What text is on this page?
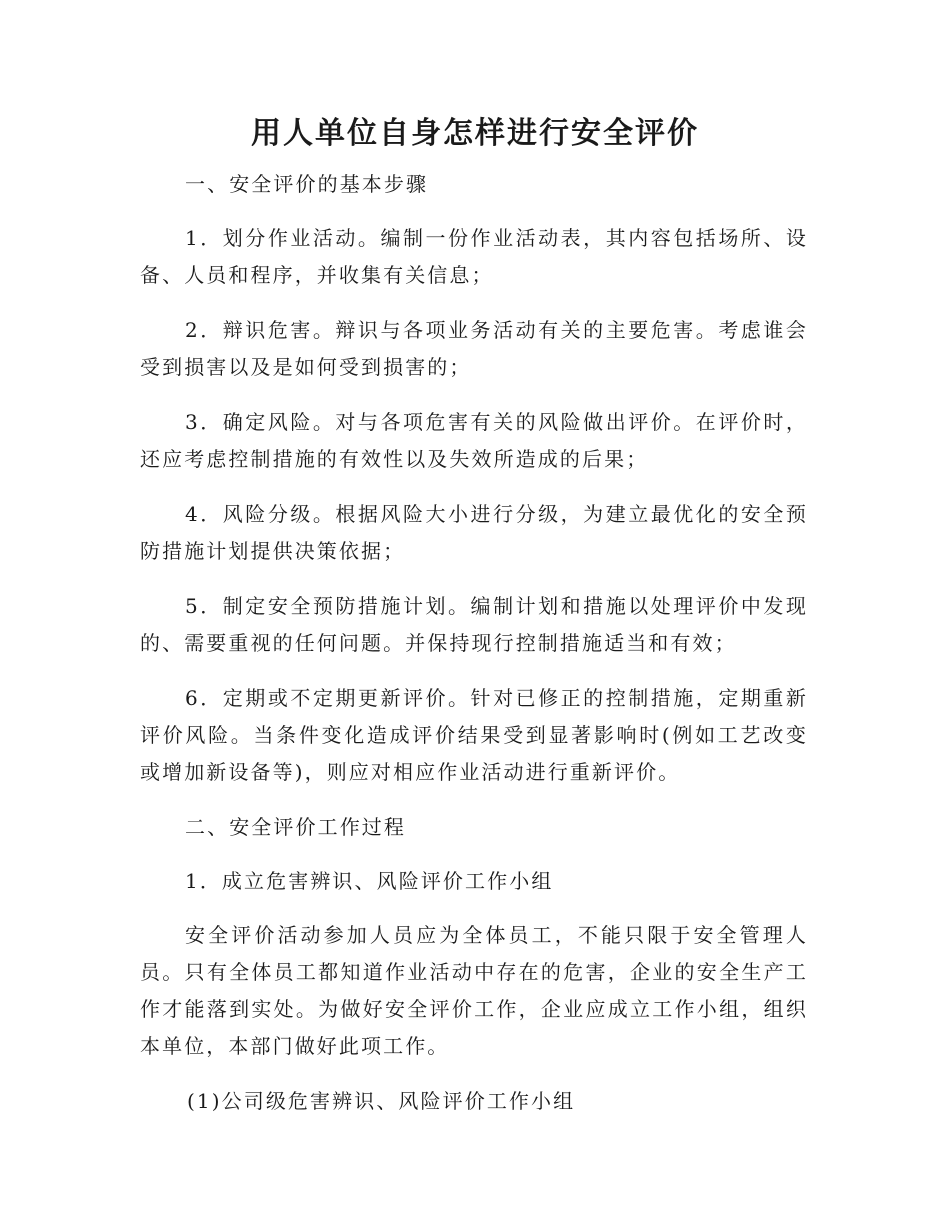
用人单位自身怎样进行安全评价

一、安全评价的基本步骤

1．划分作业活动。编制一份作业活动表，其内容包括场所、设备、人员和程序，并收集有关信息；

2．辩识危害。辩识与各项业务活动有关的主要危害。考虑谁会受到损害以及是如何受到损害的；

3．确定风险。对与各项危害有关的风险做出评价。在评价时，还应考虑控制措施的有效性以及失效所造成的后果；

4．风险分级。根据风险大小进行分级，为建立最优化的安全预防措施计划提供决策依据；

5．制定安全预防措施计划。编制计划和措施以处理评价中发现的、需要重视的任何问题。并保持现行控制措施适当和有效；

6．定期或不定期更新评价。针对已修正的控制措施，定期重新评价风险。当条件变化造成评价结果受到显著影响时(例如工艺改变或增加新设备等)，则应对相应作业活动进行重新评价。

二、安全评价工作过程

1．成立危害辨识、风险评价工作小组

安全评价活动参加人员应为全体员工，不能只限于安全管理人员。只有全体员工都知道作业活动中存在的危害，企业的安全生产工作才能落到实处。为做好安全评价工作，企业应成立工作小组，组织本单位，本部门做好此项工作。

(1)公司级危害辨识、风险评价工作小组
